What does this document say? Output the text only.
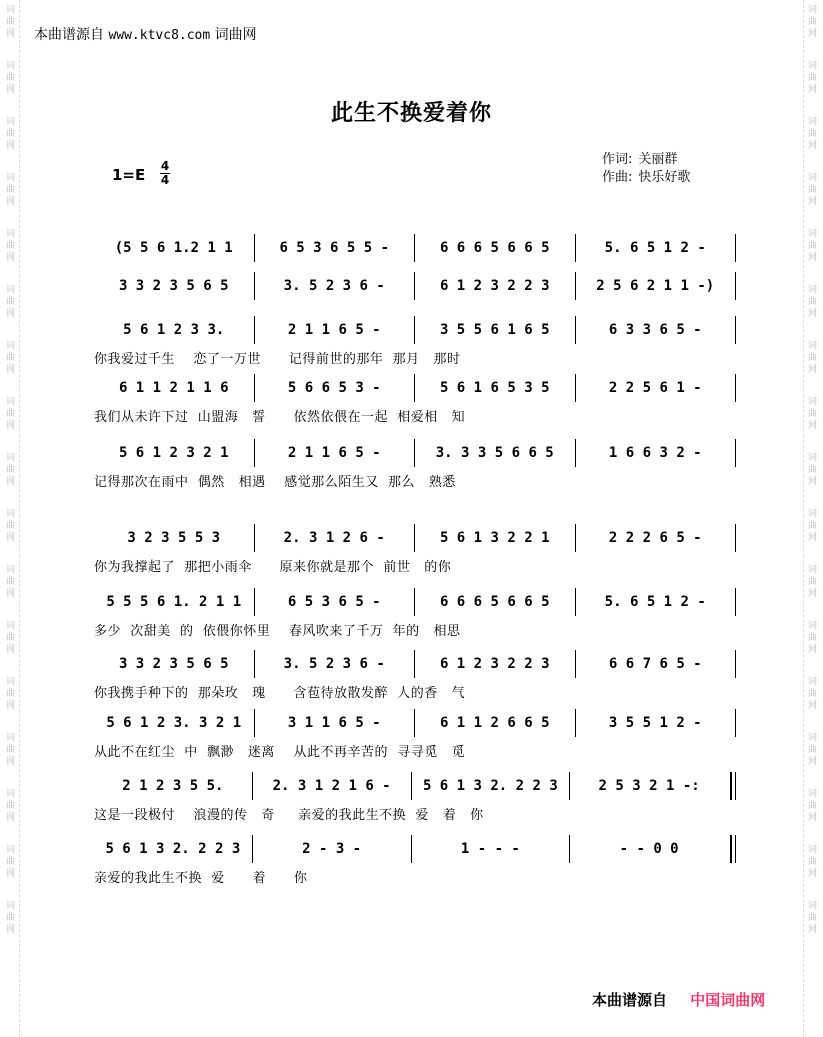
词曲网
词曲网
词曲网
词曲网
词曲网
词曲网
词曲网
词曲网
词曲网
词曲网
词曲网
词曲网
词曲网
词曲网
词曲网
词曲网
词曲网
词曲网
词曲网
词曲网
词曲网
词曲网
词曲网
词曲网
词曲网
词曲网
词曲网
词曲网
词曲网
词曲网
词曲网
词曲网
词曲网
词曲网
本曲谱源自 www.ktvc8.com 词曲网
此生不换爱着你
1=E 4
4
作词: 关丽群
作曲: 快乐好歌
(5 5 6 1.2 1 1	6 5 3 6 5 5 -	6 6 6 5 6 6 5	5. 6 5 1 2 -
3 3 2 3 5 6 5	3. 5 2 3 6 -	6 1 2 3 2 2 3	2 5 6 2 1 1 -)
5 6 1 2 3 3.	2 1 1 6 5 -	3 5 5 6 1 6 5	6 3 3 6 5 -
你我爱过千生    恋了一万世      记得前世的那年  那月   那时
6 1 1 2 1 1 6	5 6 6 5 3 -	5 6 1 6 5 3 5	2 2 5 6 1 -
我们从未许下过  山盟海   誓      依然依偎在一起  相爱相   知
5 6 1 2 3 2 1	2 1 1 6 5 -	3. 3 3 5 6 6 5	1 6 6 3 2 -
记得那次在雨中  偶然   相遇    感觉那么陌生又  那么   熟悉
3 2 3 5 5 3	2. 3 1 2 6 -	5 6 1 3 2 2 1	2 2 2 6 5 -
你为我撑起了  那把小雨伞      原来你就是那个  前世   的你
5 5 5 6 1. 2 1 1	6 5 3 6 5 -	6 6 6 5 6 6 5	5. 6 5 1 2 -
多少  次甜美  的  依偎你怀里    春风吹来了千万  年的   相思
3 3 2 3 5 6 5	3. 5 2 3 6 -	6 1 2 3 2 2 3	6 6 7 6 5 -
你我携手种下的  那朵玫   瑰      含苞待放散发醉  人的香   气
5 6 1 2 3. 3 2 1	3 1 1 6 5 -	6 1 1 2 6 6 5	3 5 5 1 2 -
从此不在红尘  中  飘渺   迷离    从此不再辛苦的  寻寻觅   觅
2 1 2 3 5 5.	2. 3 1 2 1 6 -	5 6 1 3 2. 2 2 3	2 5 3 2 1 -:
这是一段极付    浪漫的传   奇     亲爱的我此生不换  爱   着   你
5 6 1 3 2. 2 2 3	2 - 3 -	1 - - -	- - 0 0
亲爱的我此生不换  爱      着      你
本曲谱源自 中国词曲网
